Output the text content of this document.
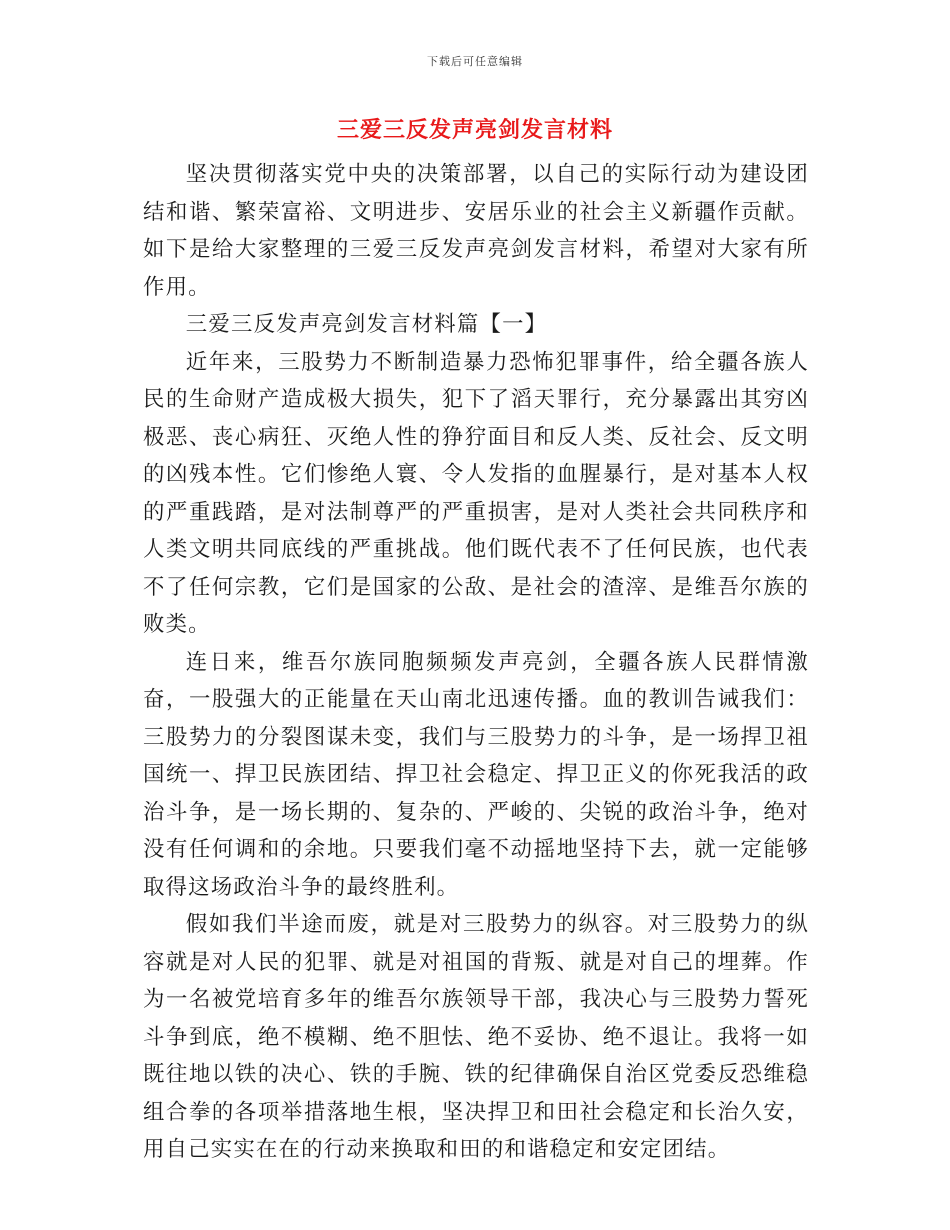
下载后可任意编辑
三爱三反发声亮剑发言材料

坚决贯彻落实党中央的决策部署，以自己的实际行动为建设团结和谐、繁荣富裕、文明进步、安居乐业的社会主义新疆作贡献。如下是给大家整理的三爱三反发声亮剑发言材料，希望对大家有所作用。

三爱三反发声亮剑发言材料篇【一】

近年来，三股势力不断制造暴力恐怖犯罪事件，给全疆各族人民的生命财产造成极大损失，犯下了滔天罪行，充分暴露出其穷凶极恶、丧心病狂、灭绝人性的狰狞面目和反人类、反社会、反文明的凶残本性。它们惨绝人寰、令人发指的血腥暴行，是对基本人权的严重践踏，是对法制尊严的严重损害，是对人类社会共同秩序和人类文明共同底线的严重挑战。他们既代表不了任何民族，也代表不了任何宗教，它们是国家的公敌、是社会的渣滓、是维吾尔族的败类。

连日来，维吾尔族同胞频频发声亮剑，全疆各族人民群情激奋，一股强大的正能量在天山南北迅速传播。血的教训告诫我们：三股势力的分裂图谋未变，我们与三股势力的斗争，是一场捍卫祖国统一、捍卫民族团结、捍卫社会稳定、捍卫正义的你死我活的政治斗争，是一场长期的、复杂的、严峻的、尖锐的政治斗争，绝对没有任何调和的余地。只要我们毫不动摇地坚持下去，就一定能够取得这场政治斗争的最终胜利。

假如我们半途而废，就是对三股势力的纵容。对三股势力的纵容就是对人民的犯罪、就是对祖国的背叛、就是对自己的埋葬。作为一名被党培育多年的维吾尔族领导干部，我决心与三股势力誓死斗争到底，绝不模糊、绝不胆怯、绝不妥协、绝不退让。我将一如既往地以铁的决心、铁的手腕、铁的纪律确保自治区党委反恐维稳组合拳的各项举措落地生根，坚决捍卫和田社会稳定和长治久安，用自己实实在在的行动来换取和田的和谐稳定和安定团结。
